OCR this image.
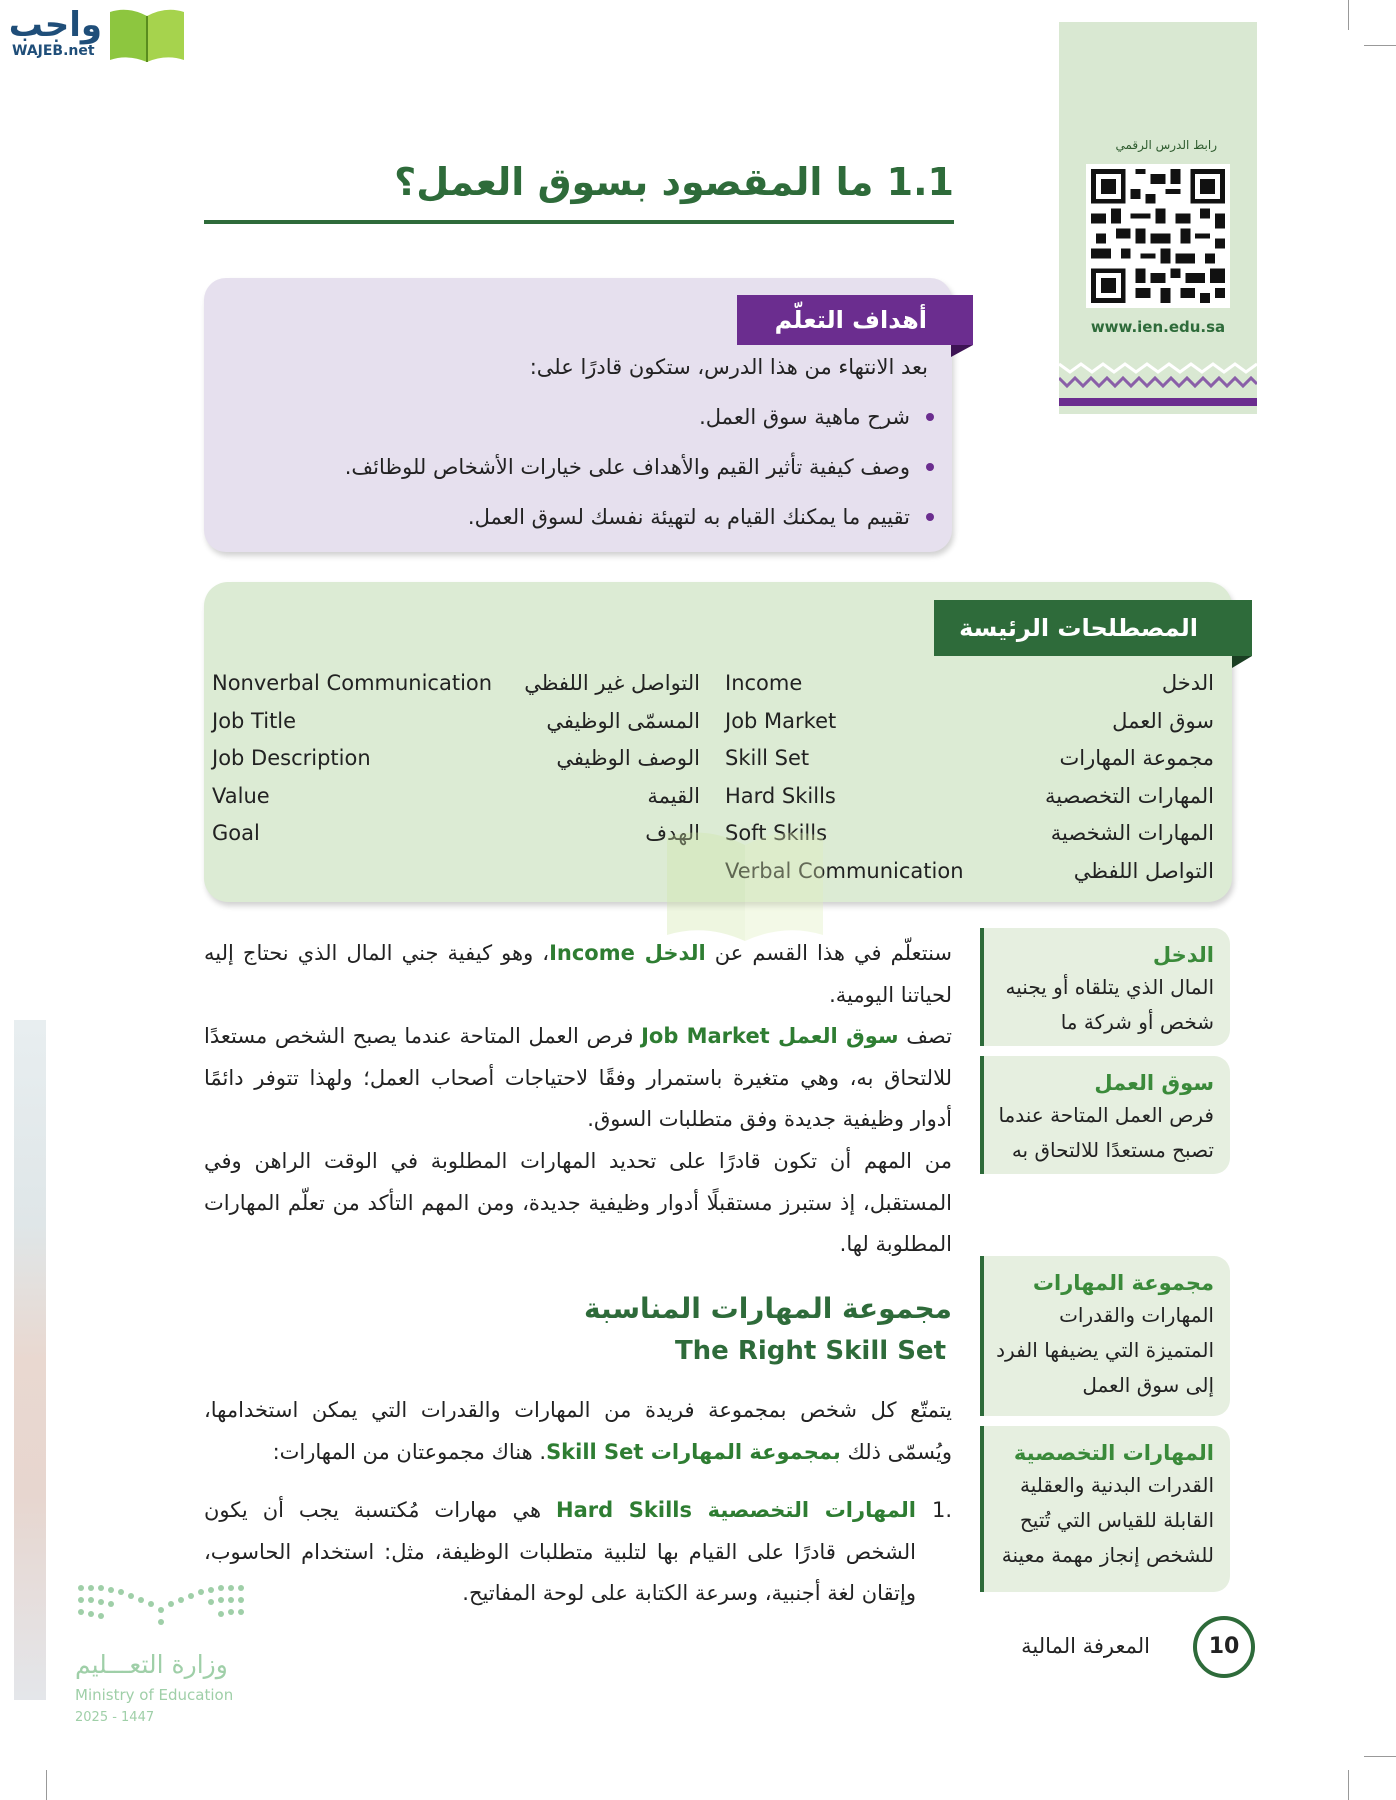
واجب
WAJEB.net
رابط الدرس الرقمي
www.ien.edu.sa
1.1 ما المقصود بسوق العمل؟
أهداف التعلّم
بعد الانتهاء من هذا الدرس، ستكون قادرًا على:
شرح ماهية سوق العمل.
وصف كيفية تأثير القيم والأهداف على خيارات الأشخاص للوظائف.
تقييم ما يمكنك القيام به لتهيئة نفسك لسوق العمل.
المصطلحات الرئيسة
الدخل
سوق العمل
مجموعة المهارات
المهارات التخصصية
المهارات الشخصية
التواصل اللفظي
Income
Job Market
Skill Set
Hard Skills
Soft Skills
Verbal Communication
التواصل غير اللفظي
المسمّى الوظيفي
الوصف الوظيفي
القيمة
الهدف
Nonverbal Communication
Job Title
Job Description
Value
Goal
الدخل
المال الذي يتلقاه أو يجنيه شخص أو شركة ما
سوق العمل
فرص العمل المتاحة عندما تصبح مستعدًا للالتحاق به
مجموعة المهارات
المهارات والقدرات المتميزة التي يضيفها الفرد إلى سوق العمل
المهارات التخصصية
القدرات البدنية والعقلية القابلة للقياس التي تُتيح للشخص إنجاز مهمة معينة
سنتعلّم في هذا القسم عن الدخل Income، وهو كيفية جني المال الذي نحتاج إليه لحياتنا اليومية.
تصف سوق العمل Job Market فرص العمل المتاحة عندما يصبح الشخص مستعدًا للالتحاق به، وهي متغيرة باستمرار وفقًا لاحتياجات أصحاب العمل؛ ولهذا تتوفر دائمًا أدوار وظيفية جديدة وفق متطلبات السوق.
من المهم أن تكون قادرًا على تحديد المهارات المطلوبة في الوقت الراهن وفي المستقبل، إذ ستبرز مستقبلًا أدوار وظيفية جديدة، ومن المهم التأكد من تعلّم المهارات المطلوبة لها.
مجموعة المهارات المناسبة
The Right Skill Set
يتمتّع كل شخص بمجموعة فريدة من المهارات والقدرات التي يمكن استخدامها، ويُسمّى ذلك بمجموعة المهارات Skill Set. هناك مجموعتان من المهارات:
1.
المهارات التخصصية Hard Skills هي مهارات مُكتسبة يجب أن يكون الشخص قادرًا على القيام بها لتلبية متطلبات الوظيفة، مثل: استخدام الحاسوب، وإتقان لغة أجنبية، وسرعة الكتابة على لوحة المفاتيح.
وزارة التعـــليم
Ministry of Education
2025 - 1447
المعرفة المالية	10
